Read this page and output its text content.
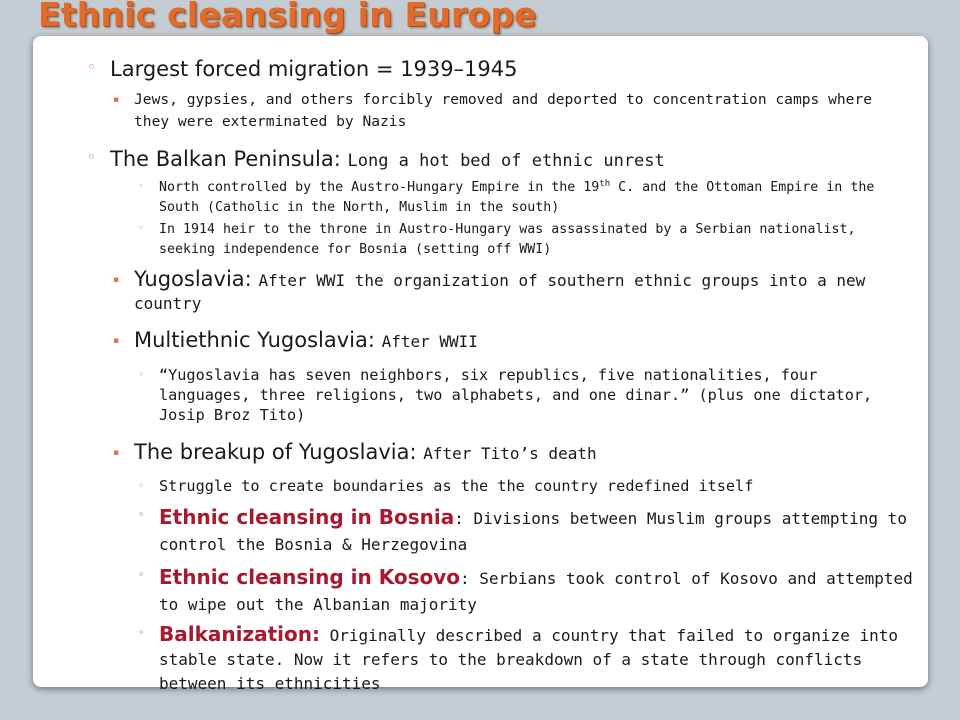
Ethnic cleansing in Europe
◦ Largest forced migration = 1939–1945
▪ Jews, gypsies, and others forcibly removed and deported to concentration camps where they were exterminated by Nazis
◦ The Balkan Peninsula: Long a hot bed of ethnic unrest
◦ North controlled by the Austro-Hungary Empire in the 19th C. and the Ottoman Empire in the South (Catholic in the North, Muslim in the south)
◦ In 1914 heir to the throne in Austro-Hungary was assassinated by a Serbian nationalist, seeking independence for Bosnia (setting off WWI)
▪ Yugoslavia: After WWI the organization of southern ethnic groups into a new country
▪ Multiethnic Yugoslavia: After WWII
◦ “Yugoslavia has seven neighbors, six republics, five nationalities, four languages, three religions, two alphabets, and one dinar.” (plus one dictator, Josip Broz Tito)
▪ The breakup of Yugoslavia: After Tito’s death
◦ Struggle to create boundaries as the the country redefined itself
◦ Ethnic cleansing in Bosnia: Divisions between Muslim groups attempting to control the Bosnia & Herzegovina
◦ Ethnic cleansing in Kosovo: Serbians took control of Kosovo and attempted to wipe out the Albanian majority
◦ Balkanization: Originally described a country that failed to organize into stable state. Now it refers to the breakdown of a state through conflicts between its ethnicities
